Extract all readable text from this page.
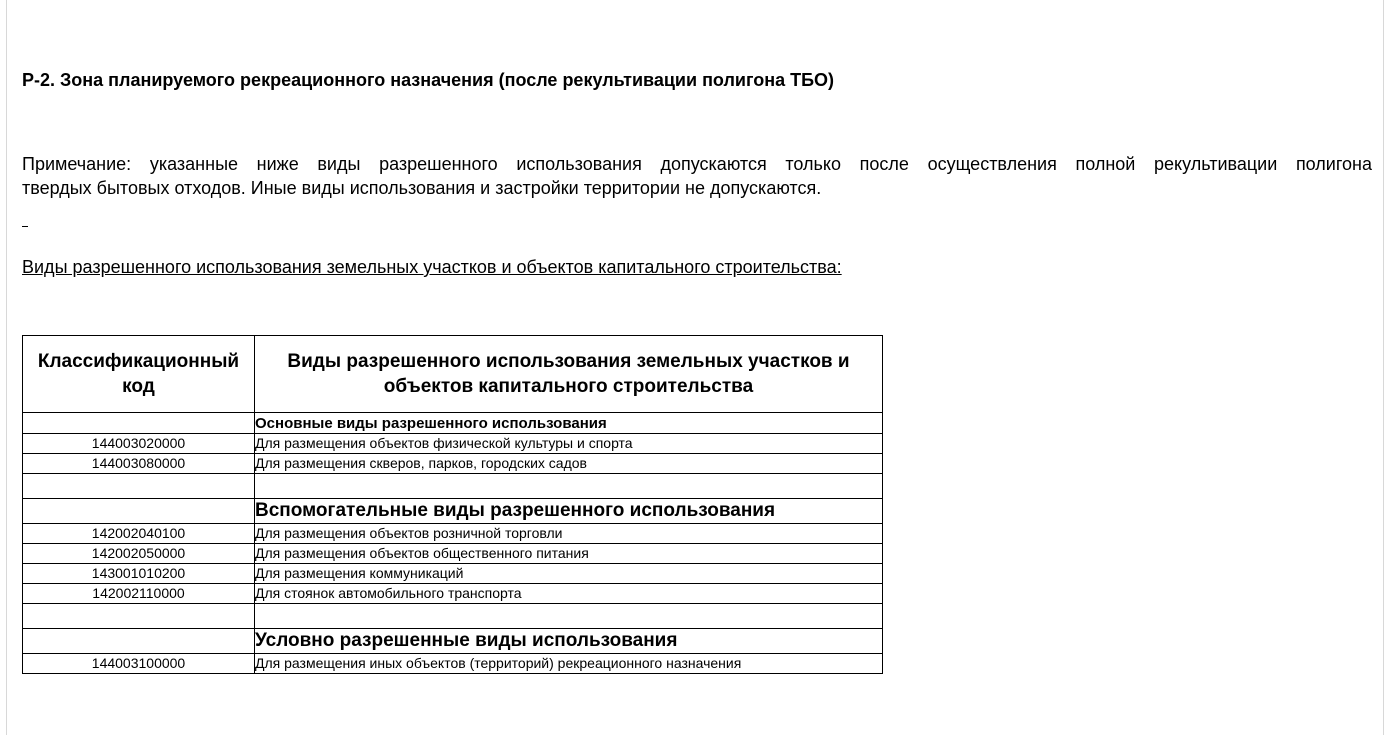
Р-2. Зона планируемого рекреационного назначения (после рекультивации полигона ТБО)
Примечание: указанные ниже виды разрешенного использования допускаются только после осуществления полной рекультивации полигона
твердых бытовых отходов. Иные виды использования и застройки территории не допускаются.
Виды разрешенного использования земельных участков и объектов капитального строительства:
Классификационный
код	Виды разрешенного использования земельных участков и
объектов капитального строительства
	Основные виды разрешенного использования
144003020000	Для размещения объектов физической культуры и спорта
144003080000	Для размещения скверов, парков, городских садов

	Вспомогательные виды разрешенного использования
142002040100	Для размещения объектов розничной торговли
142002050000	Для размещения объектов общественного питания
143001010200	Для размещения коммуникаций
142002110000	Для стоянок автомобильного транспорта

	Условно разрешенные виды использования
144003100000	Для размещения иных объектов (территорий) рекреационного назначения
